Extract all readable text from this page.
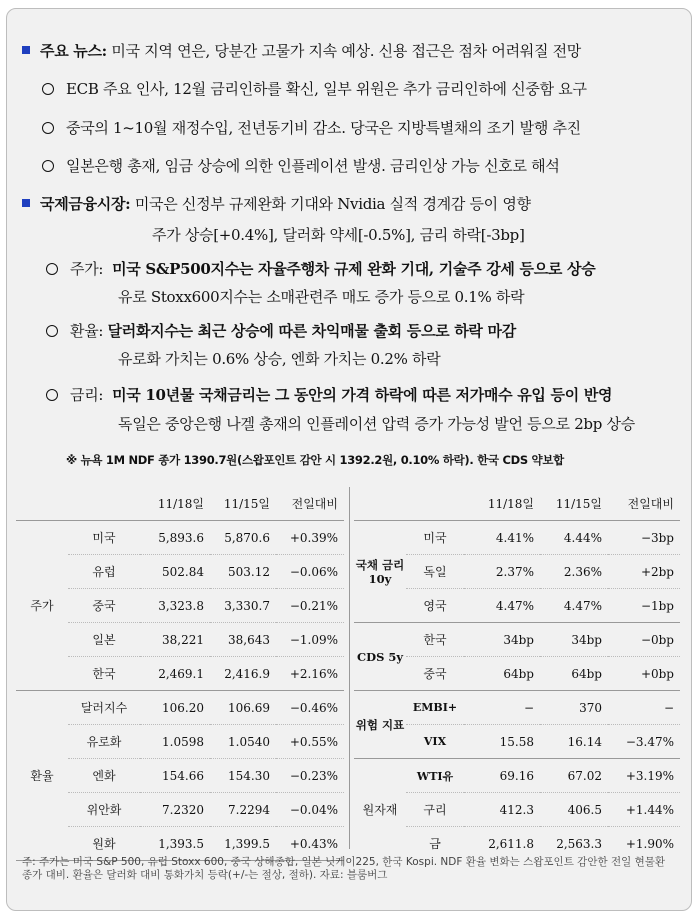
주요 뉴스: 미국 지역 연은, 당분간 고물가 지속 예상. 신용 접근은 점차 어려워질 전망
ECB 주요 인사, 12월 금리인하를 확신, 일부 위원은 추가 금리인하에 신중함 요구
중국의 1~10월 재정수입, 전년동기비 감소. 당국은 지방특별채의 조기 발행 추진
일본은행 총재, 임금 상승에 의한 인플레이션 발생. 금리인상 가능 신호로 해석
국제금융시장: 미국은 신정부 규제완화 기대와 Nvidia 실적 경계감 등이 영향
주가 상승[+0.4%], 달러화 약세[-0.5%], 금리 하락[-3bp]
주가: 미국 S&P500지수는 자율주행차 규제 완화 기대, 기술주 강세 등으로 상승
유로 Stoxx600지수는 소매관련주 매도 증가 등으로 0.1% 하락
환율: 달러화지수는 최근 상승에 따른 차익매물 출회 등으로 하락 마감
유로화 가치는 0.6% 상승, 엔화 가치는 0.2% 하락
금리: 미국 10년물 국채금리는 그 동안의 가격 하락에 따른 저가매수 유입 등이 반영
독일은 중앙은행 나겔 총재의 인플레이션 압력 증가 가능성 발언 등으로 2bp 상승
※ 뉴욕 1M NDF 종가 1390.7원(스왑포인트 감안 시 1392.2원, 0.10% 하락). 한국 CDS 약보합
		11/18일	11/15일	전일대비
주가	미국	5,893.6	5,870.6	+0.39%
	유럽	502.84	503.12	−0.06%
	중국	3,323.8	3,330.7	−0.21%
	일본	38,221	38,643	−1.09%
	한국	2,469.1	2,416.9	+2.16%
환율	달러지수	106.20	106.69	−0.46%
	유로화	1.0598	1.0540	+0.55%
	엔화	154.66	154.30	−0.23%
	위안화	7.2320	7.2294	−0.04%
	원화	1,393.5	1,399.5	+0.43%
		11/18일	11/15일	전일대비
국채 금리 10y	미국	4.41%	4.44%	−3bp
	독일	2.37%	2.36%	+2bp
	영국	4.47%	4.47%	−1bp
CDS 5y	한국	34bp	34bp	−0bp
	중국	64bp	64bp	+0bp
위험 지표	EMBI+	−	370	−
	VIX	15.58	16.14	−3.47%
원자재	WTI유	69.16	67.02	+3.19%
	구리	412.3	406.5	+1.44%
	금	2,611.8	2,563.3	+1.90%
주: 주가는 미국 S&P 500, 유럽 Stoxx 600, 중국 상해종합, 일본 닛케이225, 한국 Kospi. NDF 환율 변화는 스왑포인트 감안한 전일 현물환 종가 대비. 환율은 달러화 대비 통화가치 등락(+/-는 절상, 절하). 자료: 블룸버그
